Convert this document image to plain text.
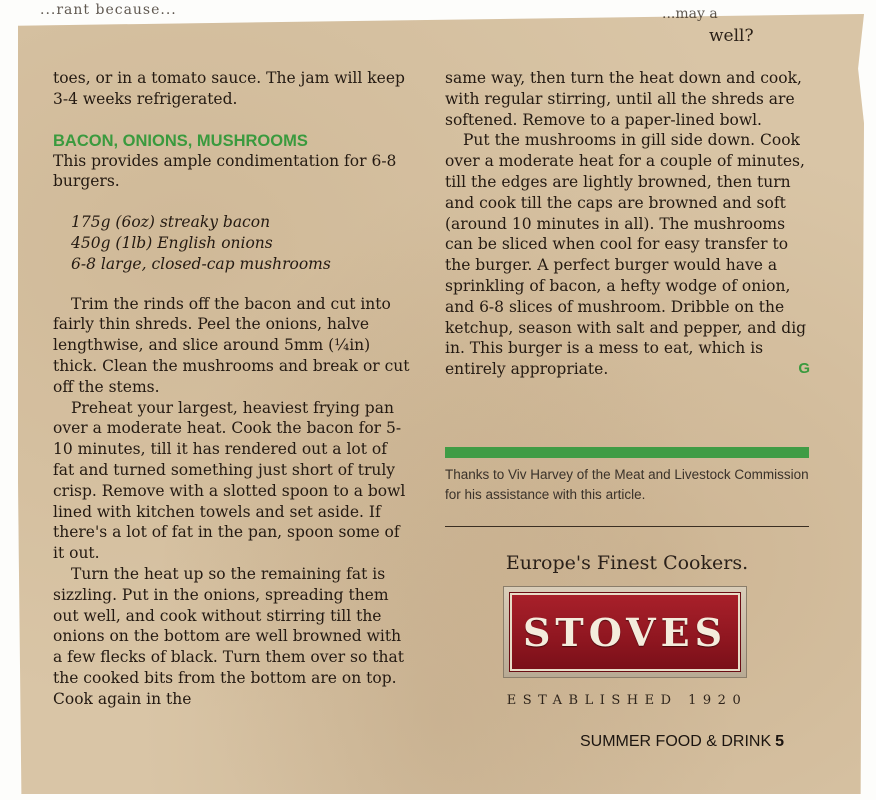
...rant because...	...may a
well?

toes, or in a tomato sauce. The jam will keep 3-4 weeks refrigerated.

BACON, ONIONS, MUSHROOMS

This provides ample condimentation for 6-8 burgers.

175g (6oz) streaky bacon
450g (1lb) English onions
6-8 large, closed-cap mushrooms

Trim the rinds off the bacon and cut into fairly thin shreds. Peel the onions, halve lengthwise, and slice around 5mm (¼in) thick. Clean the mushrooms and break or cut off the stems.

Preheat your largest, heaviest frying pan over a moderate heat. Cook the bacon for 5-10 minutes, till it has rendered out a lot of fat and turned something just short of truly crisp. Remove with a slotted spoon to a bowl lined with kitchen towels and set aside. If there's a lot of fat in the pan, spoon some of it out.

Turn the heat up so the remaining fat is sizzling. Put in the onions, spreading them out well, and cook without stirring till the onions on the bottom are well browned with a few flecks of black. Turn them over so that the cooked bits from the bottom are on top. Cook again in the

same way, then turn the heat down and cook, with regular stirring, until all the shreds are softened. Remove to a paper-lined bowl.

Put the mushrooms in gill side down. Cook over a moderate heat for a couple of minutes, till the edges are lightly browned, then turn and cook till the caps are browned and soft (around 10 minutes in all). The mushrooms can be sliced when cool for easy transfer to the burger. A perfect burger would have a sprinkling of bacon, a hefty wodge of onion, and 6-8 slices of mushroom. Dribble on the ketchup, season with salt and pepper, and dig in. This burger is a mess to eat, which is entirely appropriate.	G

Thanks to Viv Harvey of the Meat and Livestock Commission for his assistance with this article.
Europe's Finest Cookers.
STOVES
ESTABLISHED 1920
SUMMER FOOD & DRINK 5
